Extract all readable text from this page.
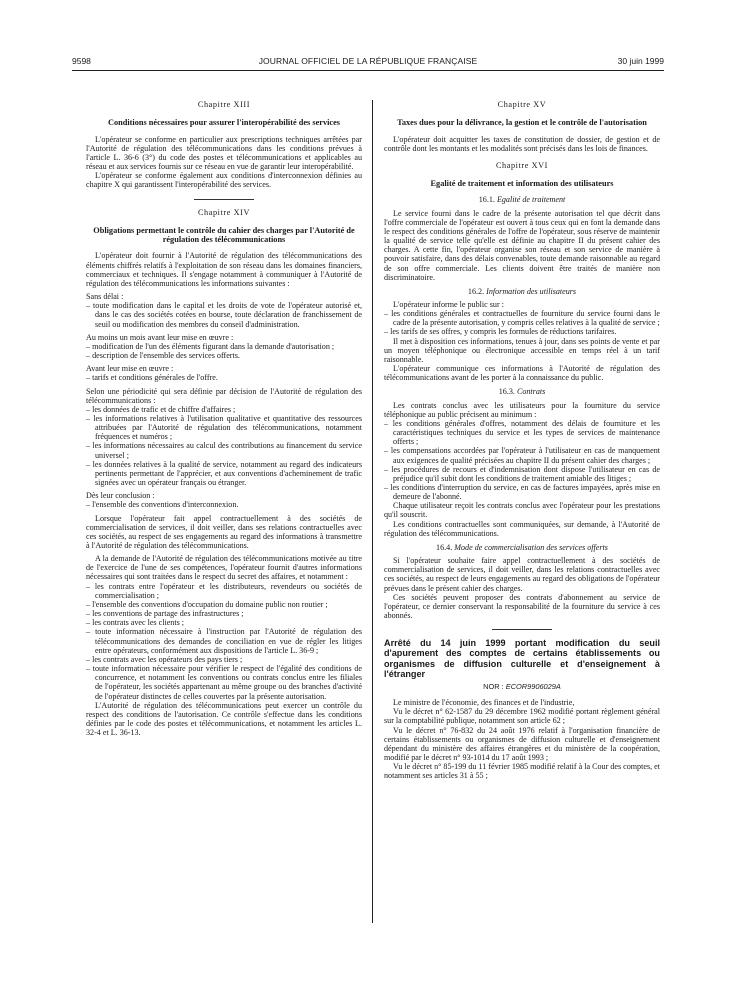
9598	JOURNAL OFFICIEL DE LA RÉPUBLIQUE FRANÇAISE	30 juin 1999
Chapitre XIII
Conditions nécessaires pour assurer l'interopérabilité des services

L'opérateur se conforme en particulier aux prescriptions techniques arrêtées par l'Autorité de régulation des télécommunications dans les conditions prévues à l'article L. 36-6 (3°) du code des postes et télécommunications et applicables au réseau et aux services fournis sur ce réseau en vue de garantir leur interopérabilité.

L'opérateur se conforme également aux conditions d'interconnexion définies au chapitre X qui garantissent l'interopérabilité des services.

Chapitre XIV
Obligations permettant le contrôle du cahier des charges par l'Autorité de régulation des télécommunications

L'opérateur doit fournir à l'Autorité de régulation des télécommunications des éléments chiffrés relatifs à l'exploitation de son réseau dans les domaines financiers, commerciaux et techniques. Il s'engage notamment à communiquer à l'Autorité de régulation des télécommunications les informations suivantes :

Sans délai :

– toute modification dans le capital et les droits de vote de l'opérateur autorisé et, dans le cas des sociétés cotées en bourse, toute déclaration de franchissement de seuil ou modification des membres du conseil d'administration.

Au moins un mois avant leur mise en œuvre :

– modification de l'un des éléments figurant dans la demande d'autorisation ;
– description de l'ensemble des services offerts.

Avant leur mise en œuvre :

– tarifs et conditions générales de l'offre.

Selon une périodicité qui sera définie par décision de l'Autorité de régulation des télécommunications :

– les données de trafic et de chiffre d'affaires ;
– les informations relatives à l'utilisation qualitative et quantitative des ressources attribuées par l'Autorité de régulation des télécommunications, notamment fréquences et numéros ;
– les informations nécessaires au calcul des contributions au financement du service universel ;
– les données relatives à la qualité de service, notamment au regard des indicateurs pertinents permettant de l'apprécier, et aux conventions d'acheminement de trafic signées avec un opérateur français ou étranger.

Dès leur conclusion :

– l'ensemble des conventions d'interconnexion.

Lorsque l'opérateur fait appel contractuellement à des sociétés de commercialisation de services, il doit veiller, dans ses relations contractuelles avec ces sociétés, au respect de ses engagements au regard des informations à transmettre à l'Autorité de régulation des télécommunications.

A la demande de l'Autorité de régulation des télécommunications motivée au titre de l'exercice de l'une de ses compétences, l'opérateur fournit d'autres informations nécessaires qui sont traitées dans le respect du secret des affaires, et notamment :

– les contrats entre l'opérateur et les distributeurs, revendeurs ou sociétés de commercialisation ;
– l'ensemble des conventions d'occupation du domaine public non routier ;
– les conventions de partage des infrastructures ;
– les contrats avec les clients ;
– toute information nécessaire à l'instruction par l'Autorité de régulation des télécommunications des demandes de conciliation en vue de régler les litiges entre opérateurs, conformément aux dispositions de l'article L. 36-9 ;
– les contrats avec les opérateurs des pays tiers ;
– toute information nécessaire pour vérifier le respect de l'égalité des conditions de concurrence, et notamment les conventions ou contrats conclus entre les filiales de l'opérateur, les sociétés appartenant au même groupe ou des branches d'activité de l'opérateur distinctes de celles couvertes par la présente autorisation.

L'Autorité de régulation des télécommunications peut exercer un contrôle du respect des conditions de l'autorisation. Ce contrôle s'effectue dans les conditions définies par le code des postes et télécommunications, et notamment les articles L. 32-4 et L. 36-13.

Chapitre XV
Taxes dues pour la délivrance, la gestion et le contrôle de l'autorisation

L'opérateur doit acquitter les taxes de constitution de dossier, de gestion et de contrôle dont les montants et les modalités sont précisés dans les lois de finances.

Chapitre XVI
Egalité de traitement et information des utilisateurs
16.1. Egalité de traitement

Le service fourni dans le cadre de la présente autorisation tel que décrit dans l'offre commerciale de l'opérateur est ouvert à tous ceux qui en font la demande dans le respect des conditions générales de l'offre de l'opérateur, sous réserve de maintenir la qualité de service telle qu'elle est définie au chapitre II du présent cahier des charges. A cette fin, l'opérateur organise son réseau et son service de manière à pouvoir satisfaire, dans des délais convenables, toute demande raisonnable au regard de son offre commerciale. Les clients doivent être traités de manière non discriminatoire.

16.2. Information des utilisateurs

L'opérateur informe le public sur :

– les conditions générales et contractuelles de fourniture du service fourni dans le cadre de la présente autorisation, y compris celles relatives à la qualité de service ;
– les tarifs de ses offres, y compris les formules de réductions tarifaires.

Il met à disposition ces informations, tenues à jour, dans ses points de vente et par un moyen téléphonique ou électronique accessible en temps réel à un tarif raisonnable.

L'opérateur communique ces informations à l'Autorité de régulation des télécommunications avant de les porter à la connaissance du public.

16.3. Contrats

Les contrats conclus avec les utilisateurs pour la fourniture du service téléphonique au public précisent au minimum :

– les conditions générales d'offres, notamment des délais de fourniture et les caractéristiques techniques du service et les types de services de maintenance offerts ;
– les compensations accordées par l'opérateur à l'utilisateur en cas de manquement aux exigences de qualité précisées au chapitre II du présent cahier des charges ;
– les procédures de recours et d'indemnisation dont dispose l'utilisateur en cas de préjudice qu'il subit dont les conditions de traitement amiable des litiges ;
– les conditions d'interruption du service, en cas de factures impayées, après mise en demeure de l'abonné.

Chaque utilisateur reçoit les contrats conclus avec l'opérateur pour les prestations qu'il souscrit.

Les conditions contractuelles sont communiquées, sur demande, à l'Autorité de régulation des télécommunications.

16.4. Mode de commercialisation des services offerts

Si l'opérateur souhaite faire appel contractuellement à des sociétés de commercialisation de services, il doit veiller, dans les relations contractuelles avec ces sociétés, au respect de leurs engagements au regard des obligations de l'opérateur prévues dans le présent cahier des charges.

Ces sociétés peuvent proposer des contrats d'abonnement au service de l'opérateur, ce dernier conservant la responsabilité de la fourniture du service à ces abonnés.

Arrêté du 14 juin 1999 portant modification du seuil d'apurement des comptes de certains établissements ou organismes de diffusion culturelle et d'enseignement à l'étranger
NOR : ECOR9906029A

Le ministre de l'économie, des finances et de l'industrie,

Vu le décret n° 62-1587 du 29 décembre 1962 modifié portant règlement général sur la comptabilité publique, notamment son article 62 ;

Vu le décret n° 76-832 du 24 août 1976 relatif à l'organisation financière de certains établissements ou organismes de diffusion culturelle et d'enseignement dépendant du ministère des affaires étrangères et du ministère de la coopération, modifié par le décret n° 93-1014 du 17 août 1993 ;

Vu le décret n° 85-199 du 11 février 1985 modifié relatif à la Cour des comptes, et notamment ses articles 31 à 55 ;
